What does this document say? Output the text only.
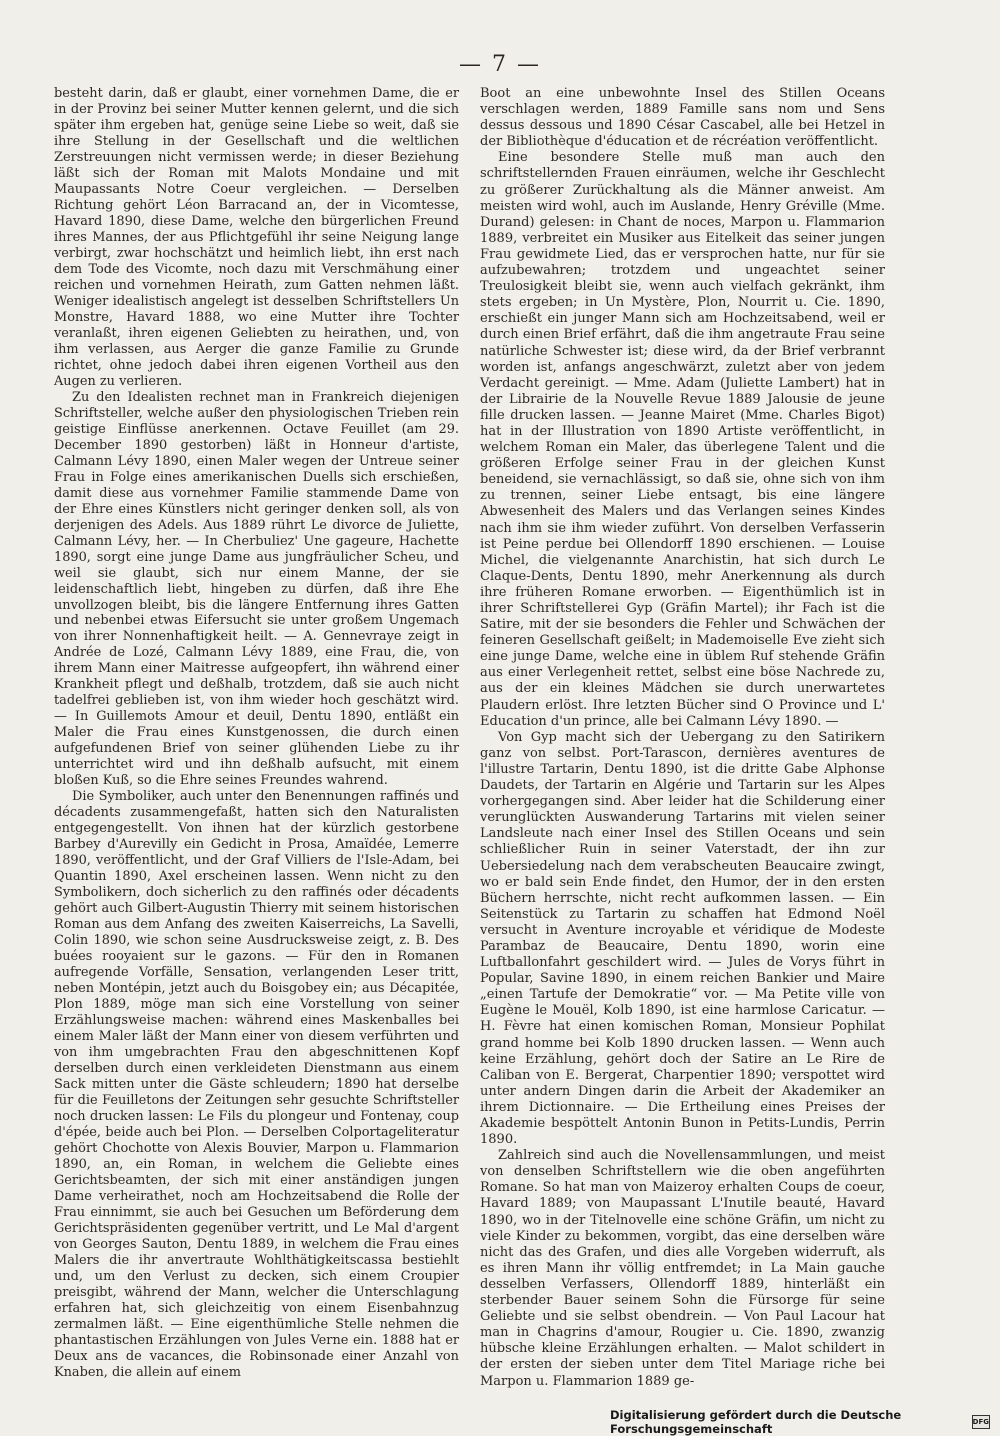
— 7 —

besteht darin, daß er glaubt, einer vornehmen Dame, die er in der Provinz bei seiner Mutter kennen gelernt, und die sich später ihm ergeben hat, genüge seine Liebe so weit, daß sie ihre Stellung in der Gesellschaft und die weltlichen Zerstreuungen nicht vermissen werde; in dieser Beziehung läßt sich der Roman mit Malots Mondaine und mit Maupassants Notre Coeur vergleichen. — Derselben Richtung gehört Léon Barracand an, der in Vicomtesse, Havard 1890, diese Dame, welche den bürgerlichen Freund ihres Mannes, der aus Pflichtgefühl ihr seine Neigung lange verbirgt, zwar hochschätzt und heimlich liebt, ihn erst nach dem Tode des Vicomte, noch dazu mit Verschmähung einer reichen und vornehmen Heirath, zum Gatten nehmen läßt. Weniger idealistisch angelegt ist desselben Schriftstellers Un Monstre, Havard 1888, wo eine Mutter ihre Tochter veranlaßt, ihren eigenen Geliebten zu heirathen, und, von ihm verlassen, aus Aerger die ganze Familie zu Grunde richtet, ohne jedoch dabei ihren eigenen Vortheil aus den Augen zu verlieren.

Zu den Idealisten rechnet man in Frankreich diejenigen Schriftsteller, welche außer den physiologischen Trieben rein geistige Einflüsse anerkennen. Octave Feuillet (am 29. December 1890 gestorben) läßt in Honneur d'artiste, Calmann Lévy 1890, einen Maler wegen der Untreue seiner Frau in Folge eines amerikanischen Duells sich erschießen, damit diese aus vornehmer Familie stammende Dame von der Ehre eines Künstlers nicht geringer denken soll, als von derjenigen des Adels. Aus 1889 rührt Le divorce de Juliette, Calmann Lévy, her. — In Cherbuliez' Une gageure, Hachette 1890, sorgt eine junge Dame aus jungfräulicher Scheu, und weil sie glaubt, sich nur einem Manne, der sie leidenschaftlich liebt, hingeben zu dürfen, daß ihre Ehe unvollzogen bleibt, bis die längere Entfernung ihres Gatten und nebenbei etwas Eifersucht sie unter großem Ungemach von ihrer Nonnenhaftigkeit heilt. — A. Gennevraye zeigt in Andrée de Lozé, Calmann Lévy 1889, eine Frau, die, von ihrem Mann einer Maitresse aufgeopfert, ihn während einer Krankheit pflegt und deßhalb, trotzdem, daß sie auch nicht tadelfrei geblieben ist, von ihm wieder hoch geschätzt wird. — In Guillemots Amour et deuil, Dentu 1890, entläßt ein Maler die Frau eines Kunstgenossen, die durch einen aufgefundenen Brief von seiner glühenden Liebe zu ihr unterrichtet wird und ihn deßhalb aufsucht, mit einem bloßen Kuß, so die Ehre seines Freundes wahrend.

Die Symboliker, auch unter den Benennungen raffinés und décadents zusammengefaßt, hatten sich den Naturalisten entgegengestellt. Von ihnen hat der kürzlich gestorbene Barbey d'Aurevilly ein Gedicht in Prosa, Amaïdée, Lemerre 1890, veröffentlicht, und der Graf Villiers de l'Isle-Adam, bei Quantin 1890, Axel erscheinen lassen. Wenn nicht zu den Symbolikern, doch sicherlich zu den raffinés oder décadents gehört auch Gilbert-Augustin Thierry mit seinem historischen Roman aus dem Anfang des zweiten Kaiserreichs, La Savelli, Colin 1890, wie schon seine Ausdrucksweise zeigt, z. B. Des buées rooyaient sur le gazons. — Für den in Romanen aufregende Vorfälle, Sensation, verlangenden Leser tritt, neben Montépin, jetzt auch du Boisgobey ein; aus Décapitée, Plon 1889, möge man sich eine Vorstellung von seiner Erzählungsweise machen: während eines Maskenballes bei einem Maler läßt der Mann einer von diesem verführten und von ihm umgebrachten Frau den abgeschnittenen Kopf derselben durch einen verkleideten Dienstmann aus einem Sack mitten unter die Gäste schleudern; 1890 hat derselbe für die Feuilletons der Zeitungen sehr gesuchte Schriftsteller noch drucken lassen: Le Fils du plongeur und Fontenay, coup d'épée, beide auch bei Plon. — Derselben Colportageliteratur gehört Chochotte von Alexis Bouvier, Marpon u. Flammarion 1890, an, ein Roman, in welchem die Geliebte eines Gerichtsbeamten, der sich mit einer anständigen jungen Dame verheirathet, noch am Hochzeitsabend die Rolle der Frau einnimmt, sie auch bei Gesuchen um Beförderung dem Gerichtspräsidenten gegenüber vertritt, und Le Mal d'argent von Georges Sauton, Dentu 1889, in welchem die Frau eines Malers die ihr anvertraute Wohlthätigkeitscassa bestiehlt und, um den Verlust zu decken, sich einem Croupier preisgibt, während der Mann, welcher die Unterschlagung erfahren hat, sich gleichzeitig von einem Eisenbahnzug zermalmen läßt. — Eine eigenthümliche Stelle nehmen die phantastischen Erzählungen von Jules Verne ein. 1888 hat er Deux ans de vacances, die Robinsonade einer Anzahl von Knaben, die allein auf einem

Boot an eine unbewohnte Insel des Stillen Oceans verschlagen werden, 1889 Famille sans nom und Sens dessus dessous und 1890 César Cascabel, alle bei Hetzel in der Bibliothèque d'éducation et de récréation veröffentlicht.

Eine besondere Stelle muß man auch den schriftstellernden Frauen einräumen, welche ihr Geschlecht zu größerer Zurückhaltung als die Männer anweist. Am meisten wird wohl, auch im Auslande, Henry Gréville (Mme. Durand) gelesen: in Chant de noces, Marpon u. Flammarion 1889, verbreitet ein Musiker aus Eitelkeit das seiner jungen Frau gewidmete Lied, das er versprochen hatte, nur für sie aufzubewahren; trotzdem und ungeachtet seiner Treulosigkeit bleibt sie, wenn auch vielfach gekränkt, ihm stets ergeben; in Un Mystère, Plon, Nourrit u. Cie. 1890, erschießt ein junger Mann sich am Hochzeitsabend, weil er durch einen Brief erfährt, daß die ihm angetraute Frau seine natürliche Schwester ist; diese wird, da der Brief verbrannt worden ist, anfangs angeschwärzt, zuletzt aber von jedem Verdacht gereinigt. — Mme. Adam (Juliette Lambert) hat in der Librairie de la Nouvelle Revue 1889 Jalousie de jeune fille drucken lassen. — Jeanne Mairet (Mme. Charles Bigot) hat in der Illustration von 1890 Artiste veröffentlicht, in welchem Roman ein Maler, das überlegene Talent und die größeren Erfolge seiner Frau in der gleichen Kunst beneidend, sie vernachlässigt, so daß sie, ohne sich von ihm zu trennen, seiner Liebe entsagt, bis eine längere Abwesenheit des Malers und das Verlangen seines Kindes nach ihm sie ihm wieder zuführt. Von derselben Verfasserin ist Peine perdue bei Ollendorff 1890 erschienen. — Louise Michel, die vielgenannte Anarchistin, hat sich durch Le Claque-Dents, Dentu 1890, mehr Anerkennung als durch ihre früheren Romane erworben. — Eigenthümlich ist in ihrer Schriftstellerei Gyp (Gräfin Martel); ihr Fach ist die Satire, mit der sie besonders die Fehler und Schwächen der feineren Gesellschaft geißelt; in Mademoiselle Eve zieht sich eine junge Dame, welche eine in üblem Ruf stehende Gräfin aus einer Verlegenheit rettet, selbst eine böse Nachrede zu, aus der ein kleines Mädchen sie durch unerwartetes Plaudern erlöst. Ihre letzten Bücher sind O Province und L' Education d'un prince, alle bei Calmann Lévy 1890. —

Von Gyp macht sich der Uebergang zu den Satirikern ganz von selbst. Port-Tarascon, dernières aventures de l'illustre Tartarin, Dentu 1890, ist die dritte Gabe Alphonse Daudets, der Tartarin en Algérie und Tartarin sur les Alpes vorhergegangen sind. Aber leider hat die Schilderung einer verunglückten Auswanderung Tartarins mit vielen seiner Landsleute nach einer Insel des Stillen Oceans und sein schließlicher Ruin in seiner Vaterstadt, der ihn zur Uebersiedelung nach dem verabscheuten Beaucaire zwingt, wo er bald sein Ende findet, den Humor, der in den ersten Büchern herrschte, nicht recht aufkommen lassen. — Ein Seitenstück zu Tartarin zu schaffen hat Edmond Noël versucht in Aventure incroyable et véridique de Modeste Parambaz de Beaucaire, Dentu 1890, worin eine Luftballonfahrt geschildert wird. — Jules de Vorys führt in Popular, Savine 1890, in einem reichen Bankier und Maire „einen Tartufe der Demokratie“ vor. — Ma Petite ville von Eugène le Mouël, Kolb 1890, ist eine harmlose Caricatur. — H. Fèvre hat einen komischen Roman, Monsieur Pophilat grand homme bei Kolb 1890 drucken lassen. — Wenn auch keine Erzählung, gehört doch der Satire an Le Rire de Caliban von E. Bergerat, Charpentier 1890; verspottet wird unter andern Dingen darin die Arbeit der Akademiker an ihrem Dictionnaire. — Die Ertheilung eines Preises der Akademie bespöttelt Antonin Bunon in Petits-Lundis, Perrin 1890.

Zahlreich sind auch die Novellensammlungen, und meist von denselben Schriftstellern wie die oben angeführten Romane. So hat man von Maizeroy erhalten Coups de coeur, Havard 1889; von Maupassant L'Inutile beauté, Havard 1890, wo in der Titelnovelle eine schöne Gräfin, um nicht zu viele Kinder zu bekommen, vorgibt, das eine derselben wäre nicht das des Grafen, und dies alle Vorgeben widerruft, als es ihren Mann ihr völlig entfremdet; in La Main gauche desselben Verfassers, Ollendorff 1889, hinterläßt ein sterbender Bauer seinem Sohn die Fürsorge für seine Geliebte und sie selbst obendrein. — Von Paul Lacour hat man in Chagrins d'amour, Rougier u. Cie. 1890, zwanzig hübsche kleine Erzählungen erhalten. — Malot schildert in der ersten der sieben unter dem Titel Mariage riche bei Marpon u. Flammarion 1889 ge-

Digitalisierung gefördert durch die Deutsche Forschungsgemeinschaft	DFG
